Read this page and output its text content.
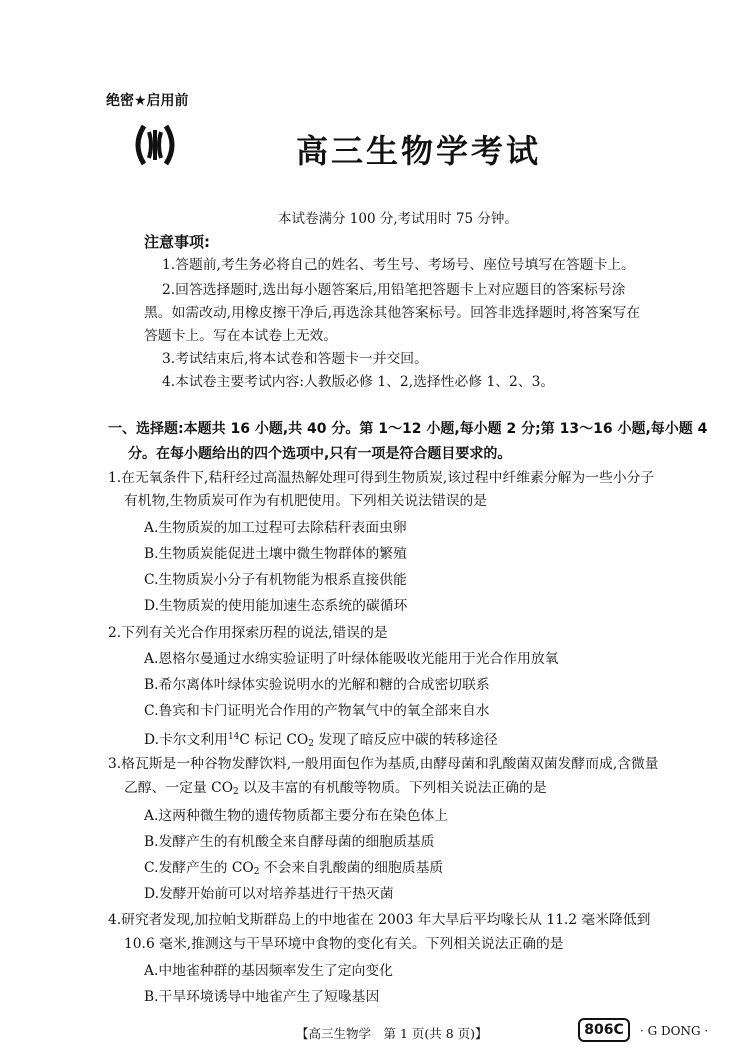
绝密★启用前
高三生物学考试
本试卷满分 100 分,考试用时 75 分钟。
注意事项:
1.答题前,考生务必将自己的姓名、考生号、考场号、座位号填写在答题卡上。
2.回答选择题时,选出每小题答案后,用铅笔把答题卡上对应题目的答案标号涂
黑。如需改动,用橡皮擦干净后,再选涂其他答案标号。回答非选择题时,将答案写在
答题卡上。写在本试卷上无效。
3.考试结束后,将本试卷和答题卡一并交回。
4.本试卷主要考试内容:人教版必修 1、2,选择性必修 1、2、3。
一、选择题:本题共 16 小题,共 40 分。第 1～12 小题,每小题 2 分;第 13～16 小题,每小题 4
分。在每小题给出的四个选项中,只有一项是符合题目要求的。
1.在无氧条件下,秸秆经过高温热解处理可得到生物质炭,该过程中纤维素分解为一些小分子
有机物,生物质炭可作为有机肥使用。下列相关说法错误的是
A.生物质炭的加工过程可去除秸秆表面虫卵
B.生物质炭能促进土壤中微生物群体的繁殖
C.生物质炭小分子有机物能为根系直接供能
D.生物质炭的使用能加速生态系统的碳循环
2.下列有关光合作用探索历程的说法,错误的是
A.恩格尔曼通过水绵实验证明了叶绿体能吸收光能用于光合作用放氧
B.希尔离体叶绿体实验说明水的光解和糖的合成密切联系
C.鲁宾和卡门证明光合作用的产物氧气中的氧全部来自水
D.卡尔文利用$^{14}$C 标记 CO2 发现了暗反应中碳的转移途径
3.格瓦斯是一种谷物发酵饮料,一般用面包作为基质,由酵母菌和乳酸菌双菌发酵而成,含微量
乙醇、一定量 CO2 以及丰富的有机酸等物质。下列相关说法正确的是
A.这两种微生物的遗传物质都主要分布在染色体上
B.发酵产生的有机酸全来自酵母菌的细胞质基质
C.发酵产生的 CO2 不会来自乳酸菌的细胞质基质
D.发酵开始前可以对培养基进行干热灭菌
4.研究者发现,加拉帕戈斯群岛上的中地雀在 2003 年大旱后平均喙长从 11.2 毫米降低到
10.6 毫米,推测这与干旱环境中食物的变化有关。下列相关说法正确的是
A.中地雀种群的基因频率发生了定向变化
B.干旱环境诱导中地雀产生了短喙基因
【高三生物学　第 1 页(共 8 页)】	806C	· G DONG ·
